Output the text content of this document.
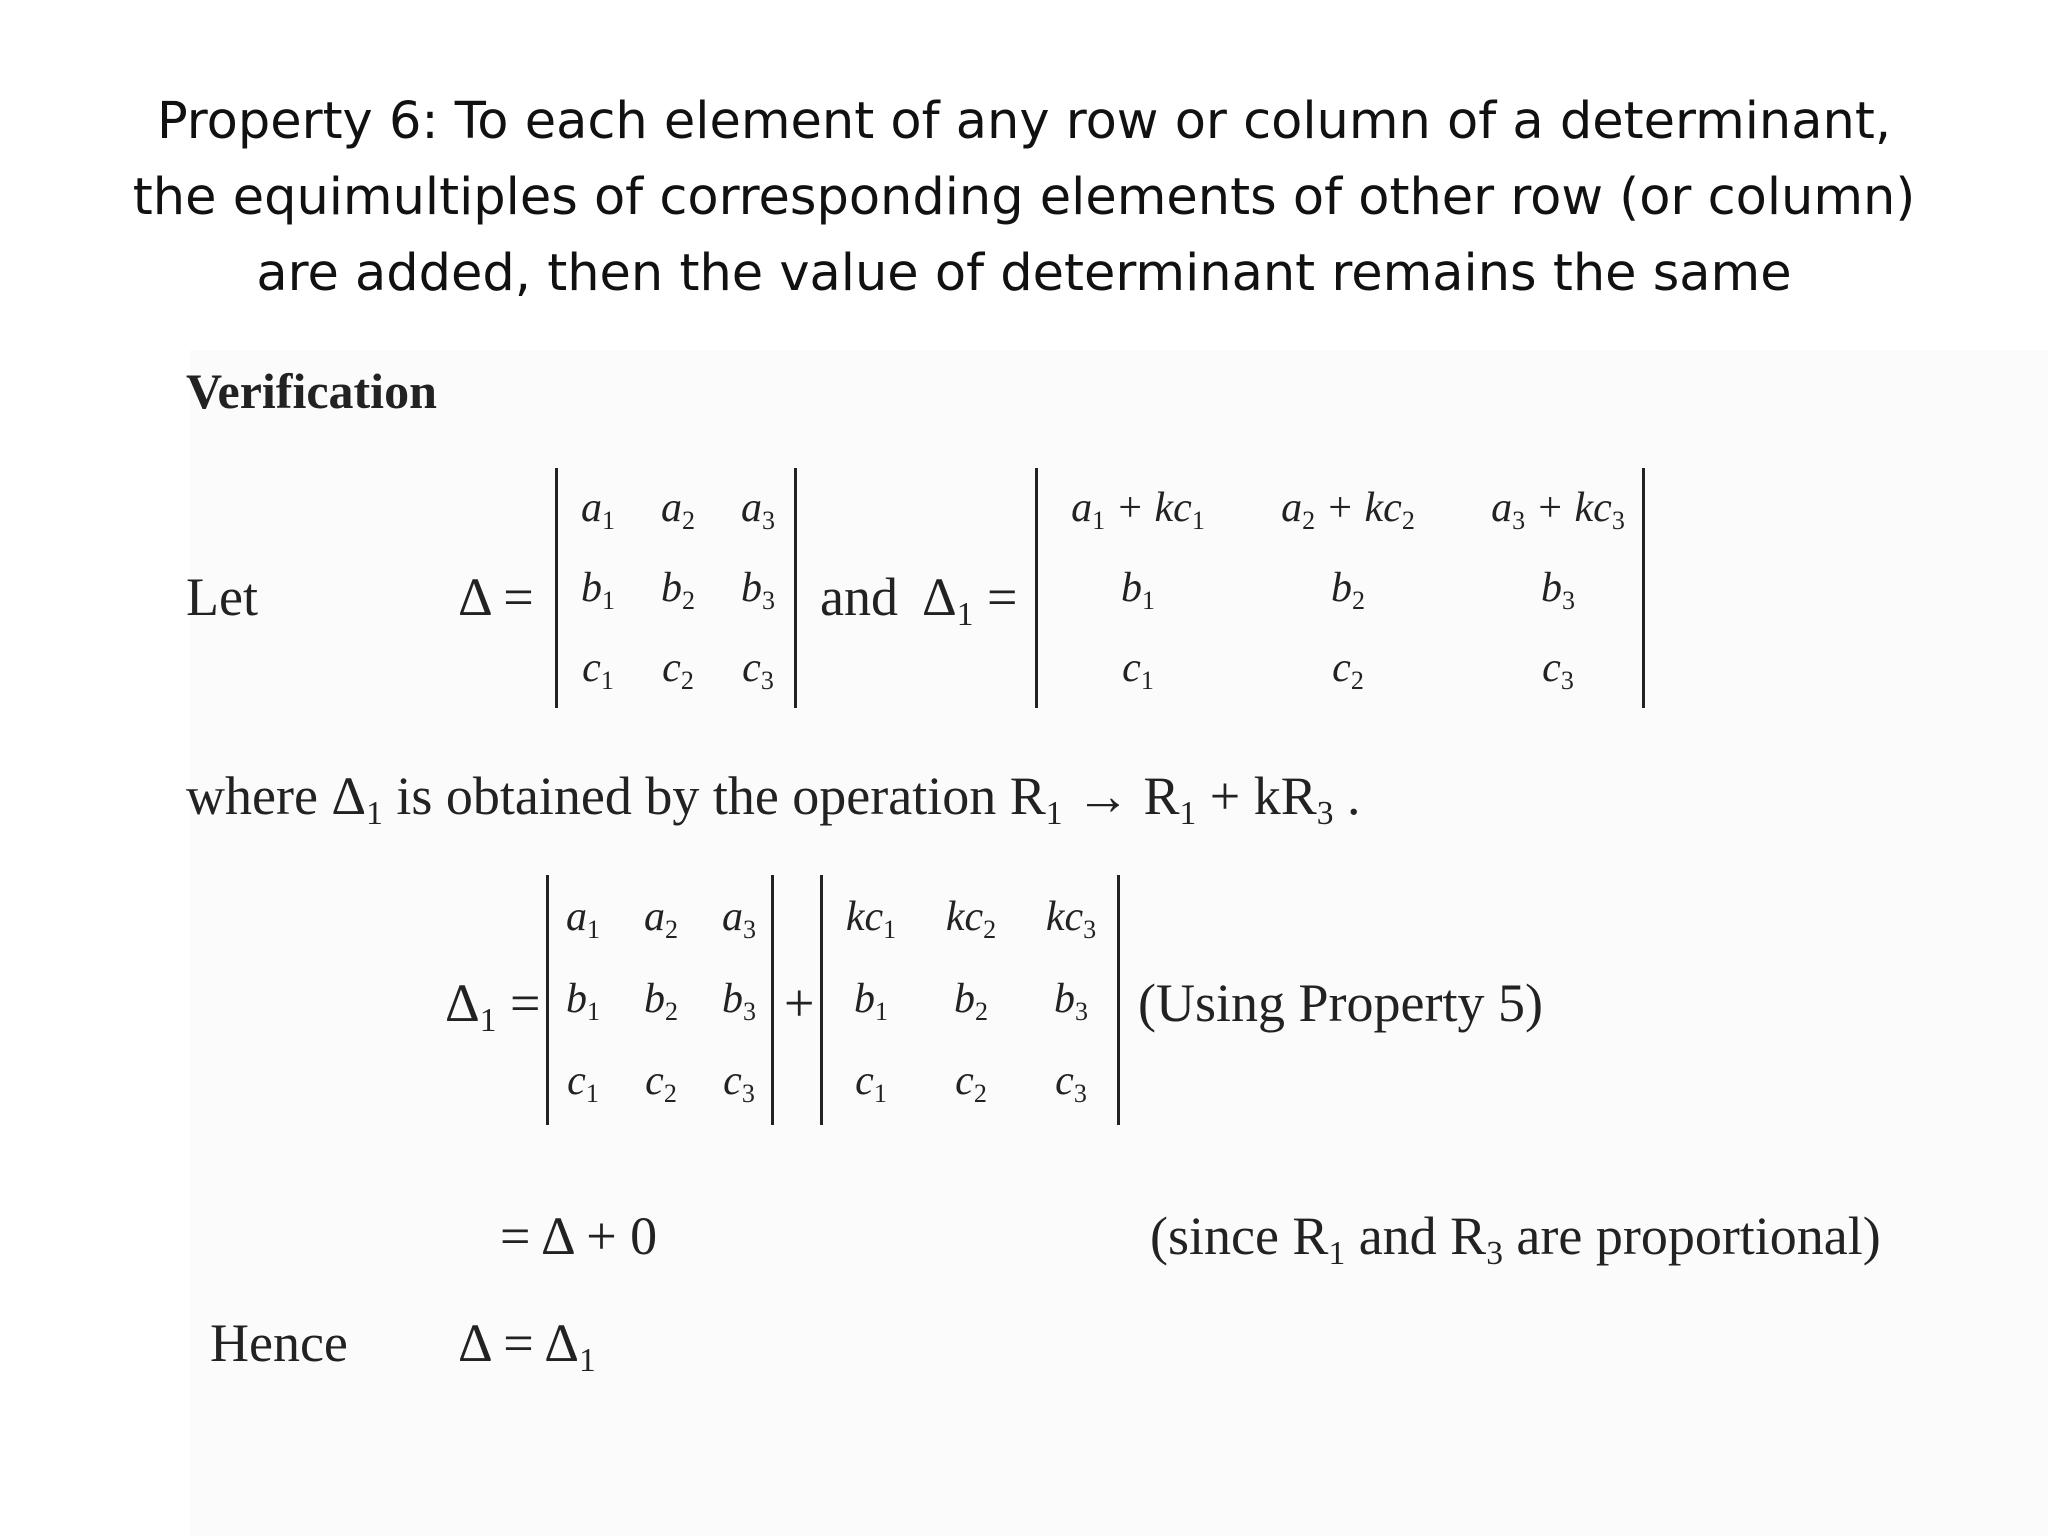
Property 6: To each element of any row or column of a determinant,
the equimultiples of corresponding elements of other row (or column)
are added, then the value of determinant remains the same
Verification
Let	Δ =
$a_1$ $a_2$ $a_3$
$b_1$ $b_2$ $b_3$
$c_1$ $c_2$ $c_3$
and $\Delta_1$ =
$a_1 + kc_1$ $a_2 + kc_2$ $a_3 + kc_3$
$b_1$	$b_2$	$b_3$
$c_1$	$c_2$	$c_3$
where $\Delta_1$ is obtained by the operation $R_1 \to R_1 + kR_3$ .
$\Delta_1$ =
$a_1$ $a_2$ $a_3$
$b_1$ $b_2$ $b_3$
$c_1$ $c_2$ $c_3$
+
$kc_1$ $kc_2$ $kc_3$
$b_1$ $b_2$ $b_3$
$c_1$ $c_2$ $c_3$
(Using Property 5)
= Δ + 0	(since $R_1$ and $R_3$ are proportional)
Hence $\Delta = \Delta_1$
